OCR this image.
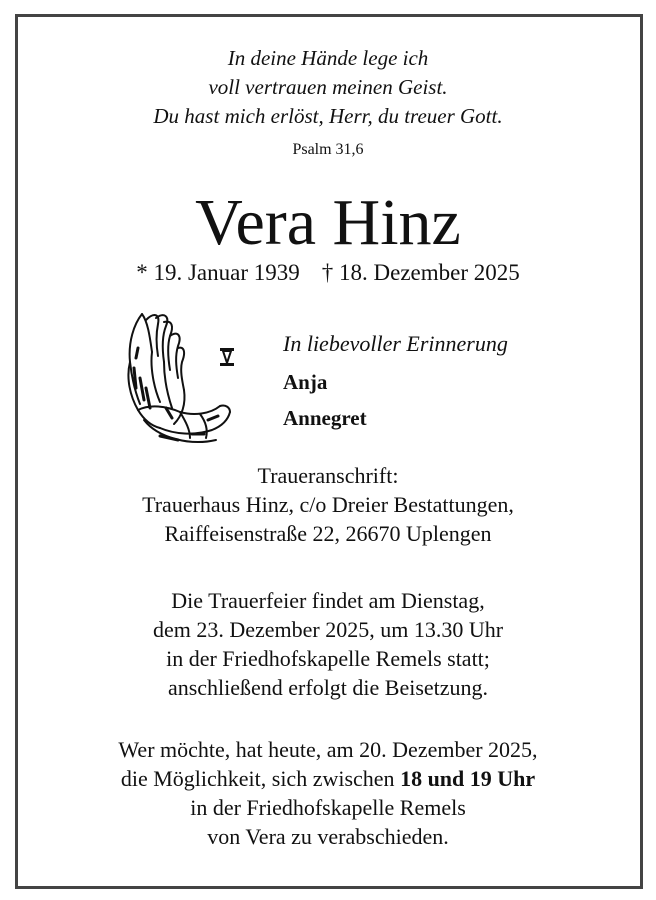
In deine Hände lege ich
voll vertrauen meinen Geist.
Du hast mich erlöst, Herr, du treuer Gott.
Psalm 31,6
Vera Hinz
* 19. Januar 1939 † 18. Dezember 2025
In liebevoller Erinnerung
Anja
Annegret
Traueranschrift:
Trauerhaus Hinz, c/o Dreier Bestattungen,
Raiffeisenstraße 22, 26670 Uplengen
Die Trauerfeier findet am Dienstag,
dem 23. Dezember 2025, um 13.30 Uhr
in der Friedhofskapelle Remels statt;
anschließend erfolgt die Beisetzung.
Wer möchte, hat heute, am 20. Dezember 2025,
die Möglichkeit, sich zwischen 18 und 19 Uhr
in der Friedhofskapelle Remels
von Vera zu verabschieden.
